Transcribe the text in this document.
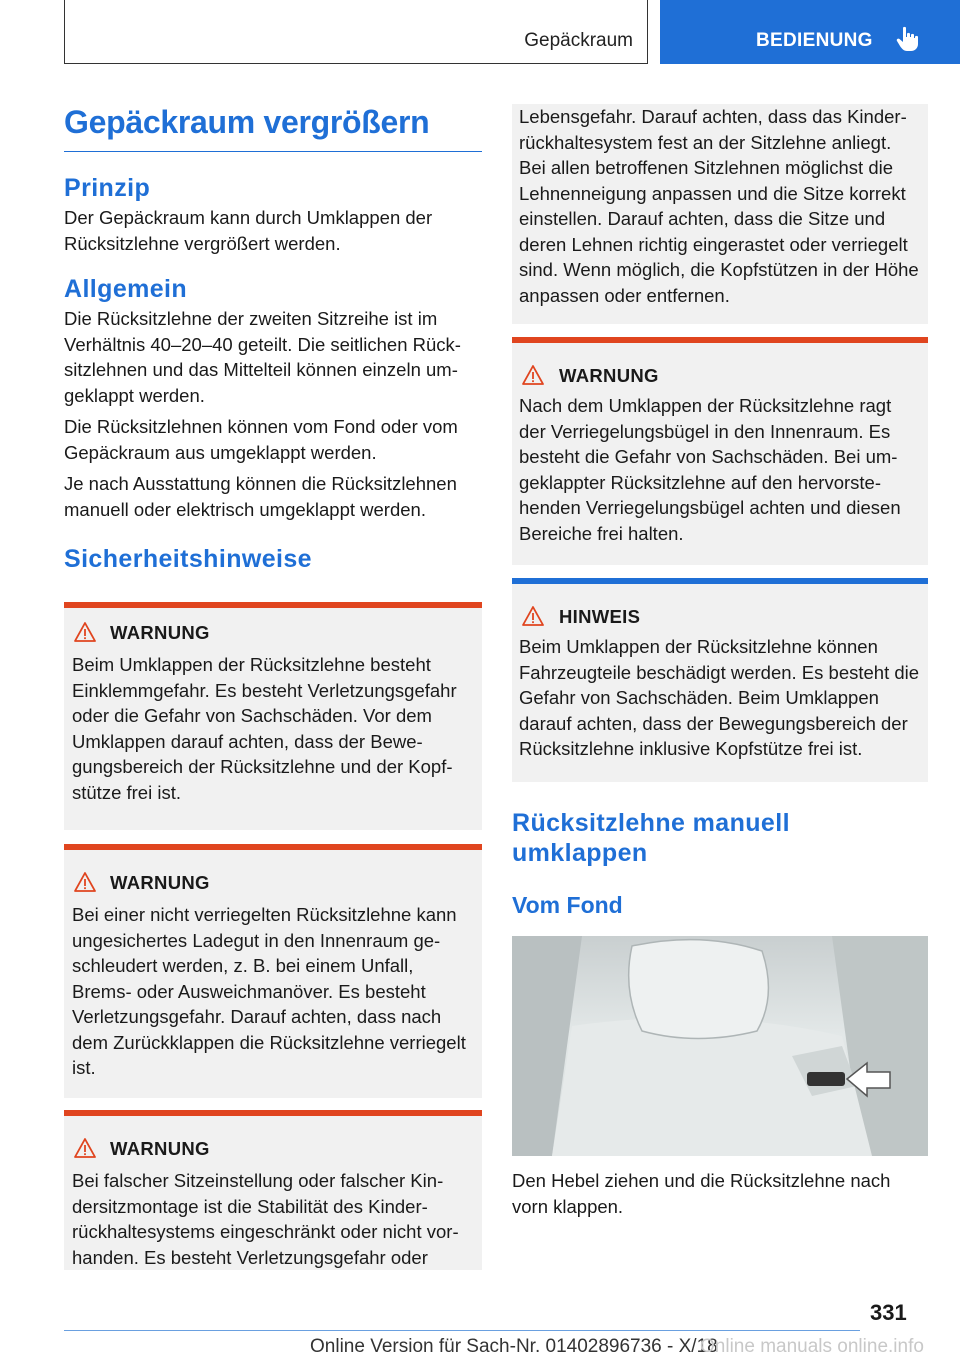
Gepäckraum	BEDIENUNG
Gepäckraum vergrößern
Prinzip

Der Gepäckraum kann durch Umklappen der Rücksitzlehne vergrößert werden.

Allgemein

Die Rücksitzlehne der zweiten Sitzreihe ist im Verhältnis 40–20–40 geteilt. Die seitlichen Rücksitzlehnen und das Mittelteil können einzeln umgeklappt werden.

Die Rücksitzlehnen können vom Fond oder vom Gepäckraum aus umgeklappt werden.

Je nach Ausstattung können die Rücksitzlehnen manuell oder elektrisch umgeklappt werden.

Sicherheitshinweise
WARNUNG

Beim Umklappen der Rücksitzlehne besteht Einklemmgefahr. Es besteht Verletzungsgefahr oder die Gefahr von Sachschäden. Vor dem Umklappen darauf achten, dass der Bewegungsbereich der Rücksitzlehne und der Kopfstütze frei ist.

WARNUNG

Bei einer nicht verriegelten Rücksitzlehne kann ungesichertes Ladegut in den Innenraum geschleudert werden, z. B. bei einem Unfall, Brems- oder Ausweichmanöver. Es besteht Verletzungsgefahr. Darauf achten, dass nach dem Zurückklappen die Rücksitzlehne verriegelt ist.

WARNUNG

Bei falscher Sitzeinstellung oder falscher Kindersitzmontage ist die Stabilität des Kinderrückhaltesystems eingeschränkt oder nicht vorhanden. Es besteht Verletzungsgefahr oder

Lebensgefahr. Darauf achten, dass das Kinderrückhaltesystem fest an der Sitzlehne anliegt. Bei allen betroffenen Sitzlehnen möglichst die Lehnenneigung anpassen und die Sitze korrekt einstellen. Darauf achten, dass die Sitze und deren Lehnen richtig eingerastet oder verriegelt sind. Wenn möglich, die Kopfstützen in der Höhe anpassen oder entfernen.

WARNUNG

Nach dem Umklappen der Rücksitzlehne ragt der Verriegelungsbügel in den Innenraum. Es besteht die Gefahr von Sachschäden. Bei umgeklappter Rücksitzlehne auf den hervorstehenden Verriegelungsbügel achten und diesen Bereiche frei halten.

HINWEIS

Beim Umklappen der Rücksitzlehne können Fahrzeugteile beschädigt werden. Es besteht die Gefahr von Sachschäden. Beim Umklappen darauf achten, dass der Bewegungsbereich der Rücksitzlehne inklusive Kopfstütze frei ist.

Rücksitzlehne manuell umklappen
Vom Fond

Den Hebel ziehen und die Rücksitzlehne nach vorn klappen.

331
Online Version für Sach-Nr. 01402896736 - X/18
Online manuals online.info
